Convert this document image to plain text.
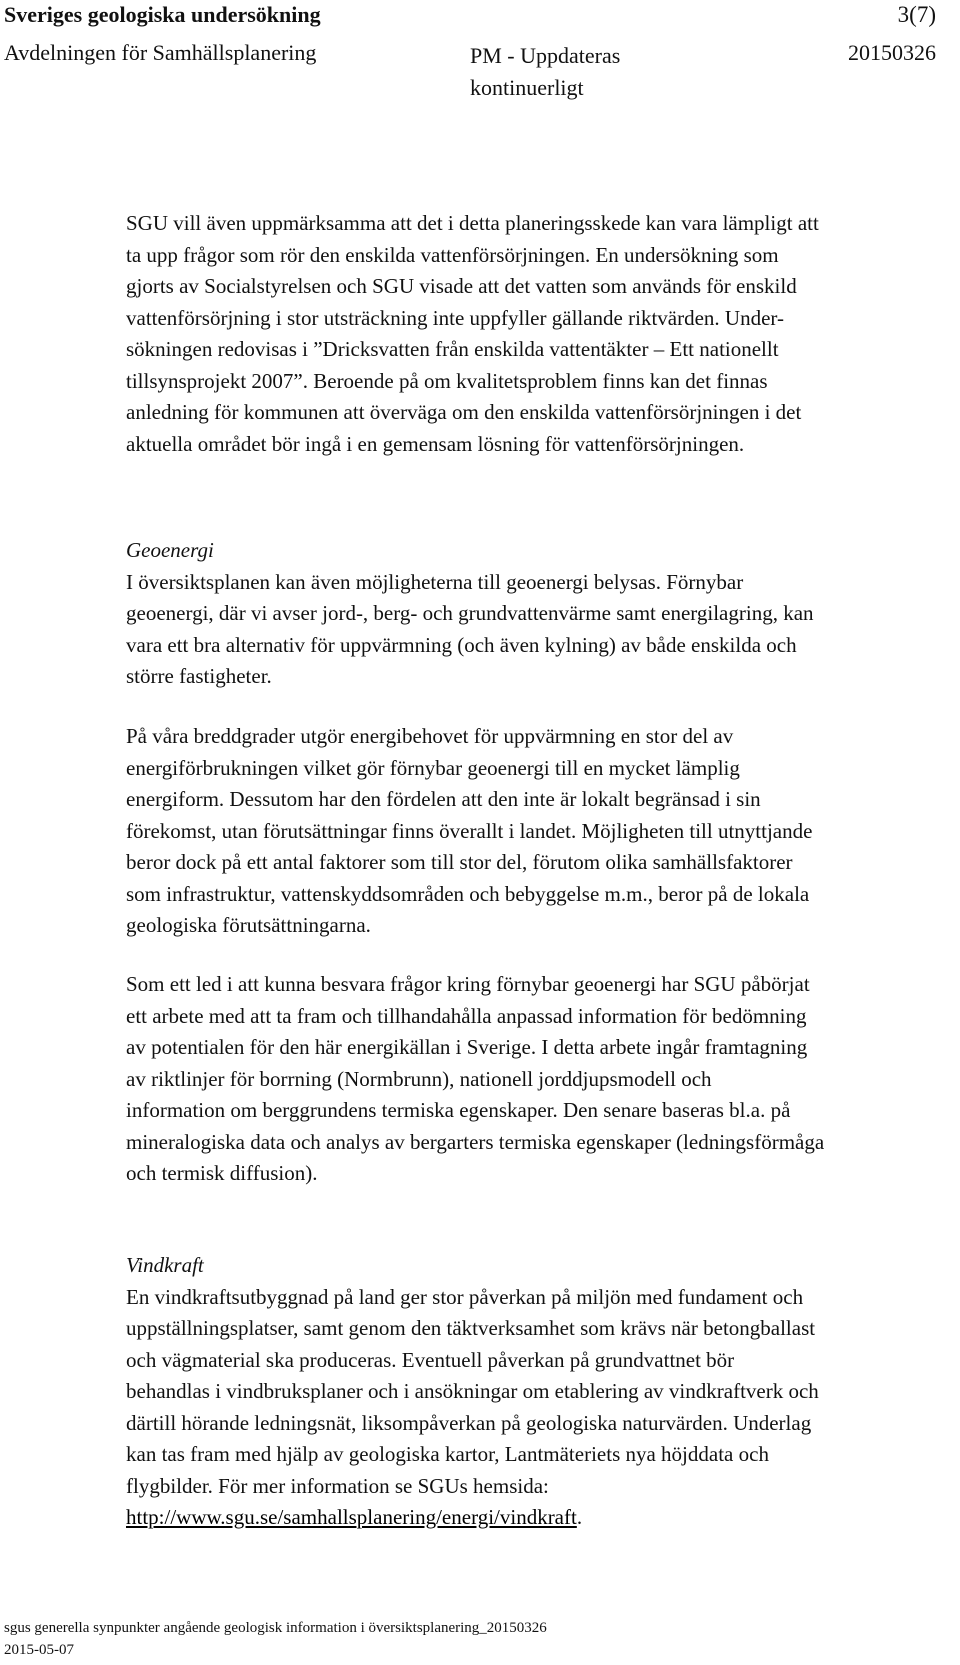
Sveriges geologiska undersökning	3(7)
Avdelningen för Samhällsplanering	PM - Uppdateras
kontinuerligt
20150326
SGU vill även uppmärksamma att det i detta planeringsskede kan vara lämpligt att
ta upp frågor som rör den enskilda vattenförsörjningen. En undersökning som
gjorts av Socialstyrelsen och SGU visade att det vatten som används för enskild
vattenförsörjning i stor utsträckning inte uppfyller gällande riktvärden. Under-
sökningen redovisas i ”Dricksvatten från enskilda vattentäkter – Ett nationellt
tillsynsprojekt 2007”. Beroende på om kvalitetsproblem finns kan det finnas
anledning för kommunen att överväga om den enskilda vattenförsörjningen i det
aktuella området bör ingå i en gemensam lösning för vattenförsörjningen.
Geoenergi
I översiktsplanen kan även möjligheterna till geoenergi belysas. Förnybar
geoenergi, där vi avser jord-, berg- och grundvattenvärme samt energilagring, kan
vara ett bra alternativ för uppvärmning (och även kylning) av både enskilda och
större fastigheter.
På våra breddgrader utgör energibehovet för uppvärmning en stor del av
energiförbrukningen vilket gör förnybar geoenergi till en mycket lämplig
energiform. Dessutom har den fördelen att den inte är lokalt begränsad i sin
förekomst, utan förutsättningar finns överallt i landet. Möjligheten till utnyttjande
beror dock på ett antal faktorer som till stor del, förutom olika samhällsfaktorer
som infrastruktur, vattenskyddsområden och bebyggelse m.m., beror på de lokala
geologiska förutsättningarna.
Som ett led i att kunna besvara frågor kring förnybar geoenergi har SGU påbörjat
ett arbete med att ta fram och tillhandahålla anpassad information för bedömning
av potentialen för den här energikällan i Sverige. I detta arbete ingår framtagning
av riktlinjer för borrning (Normbrunn), nationell jorddjupsmodell och
information om berggrundens termiska egenskaper. Den senare baseras bl.a. på
mineralogiska data och analys av bergarters termiska egenskaper (ledningsförmåga
och termisk diffusion).
Vindkraft
En vindkraftsutbyggnad på land ger stor påverkan på miljön med fundament och
uppställningsplatser, samt genom den täktverksamhet som krävs när betongballast
och vägmaterial ska produceras. Eventuell påverkan på grundvattnet bör
behandlas i vindbruksplaner och i ansökningar om etablering av vindkraftverk och
därtill hörande ledningsnät, liksompåverkan på geologiska naturvärden. Underlag
kan tas fram med hjälp av geologiska kartor, Lantmäteriets nya höjddata och
flygbilder. För mer information se SGUs hemsida:
http://www.sgu.se/samhallsplanering/energi/vindkraft.
sgus generella synpunkter angående geologisk information i översiktsplanering_20150326
2015-05-07
